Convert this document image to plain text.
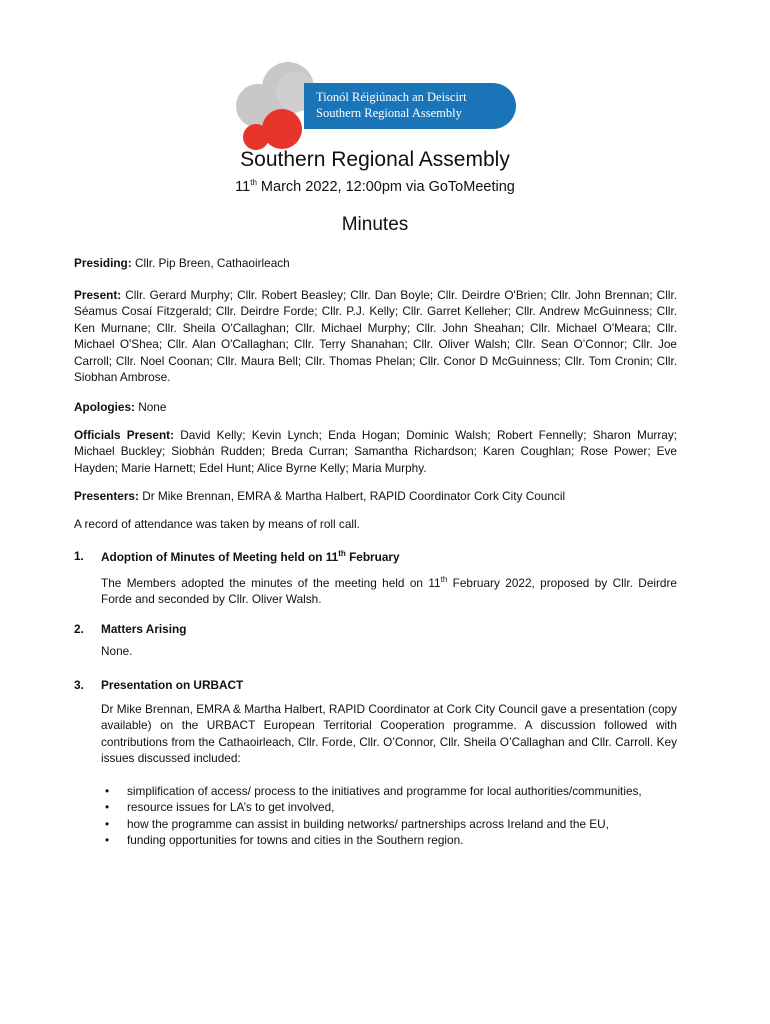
Tionól Réigiúnach an Deiscirt
Southern Regional Assembly
Southern Regional Assembly
11th March 2022, 12:00pm via GoToMeeting
Minutes

Presiding: Cllr. Pip Breen, Cathaoirleach

Present: Cllr. Gerard Murphy; Cllr. Robert Beasley; Cllr. Dan Boyle; Cllr. Deirdre O'Brien; Cllr. John Brennan; Cllr. Séamus Cosaí Fitzgerald; Cllr. Deirdre Forde; Cllr. P.J. Kelly; Cllr. Garret Kelleher; Cllr. Andrew McGuinness; Cllr. Ken Murnane; Cllr. Sheila O'Callaghan; Cllr. Michael Murphy; Cllr. John Sheahan; Cllr. Michael O'Meara; Cllr. Michael O'Shea; Cllr. Alan O'Callaghan; Cllr. Terry Shanahan; Cllr. Oliver Walsh; Cllr. Sean O’Connor; Cllr. Joe Carroll; Cllr. Noel Coonan; Cllr. Maura Bell; Cllr. Thomas Phelan; Cllr. Conor D McGuinness; Cllr. Tom Cronin; Cllr. Siobhan Ambrose.

Apologies: None

Officials Present: David Kelly; Kevin Lynch; Enda Hogan; Dominic Walsh; Robert Fennelly; Sharon Murray; Michael Buckley; Siobhán Rudden; Breda Curran; Samantha Richardson; Karen Coughlan; Rose Power; Eve Hayden; Marie Harnett; Edel Hunt; Alice Byrne Kelly; Maria Murphy.

Presenters: Dr Mike Brennan, EMRA & Martha Halbert, RAPID Coordinator Cork City Council

A record of attendance was taken by means of roll call.
1. Adoption of Minutes of Meeting held on 11th February

The Members adopted the minutes of the meeting held on 11th February 2022, proposed by Cllr. Deirdre Forde and seconded by Cllr. Oliver Walsh.

2. Matters Arising
None.
3. Presentation on URBACT

Dr Mike Brennan, EMRA & Martha Halbert, RAPID Coordinator at Cork City Council gave a presentation (copy available) on the URBACT European Territorial Cooperation programme. A discussion followed with contributions from the Cathaoirleach, Cllr. Forde, Cllr. O’Connor, Cllr. Sheila O’Callaghan and Cllr. Carroll. Key issues discussed included:

• simplification of access/ process to the initiatives and programme for local authorities/communities,
• resource issues for LA’s to get involved,
• how the programme can assist in building networks/ partnerships across Ireland and the EU,
• funding opportunities for towns and cities in the Southern region.
